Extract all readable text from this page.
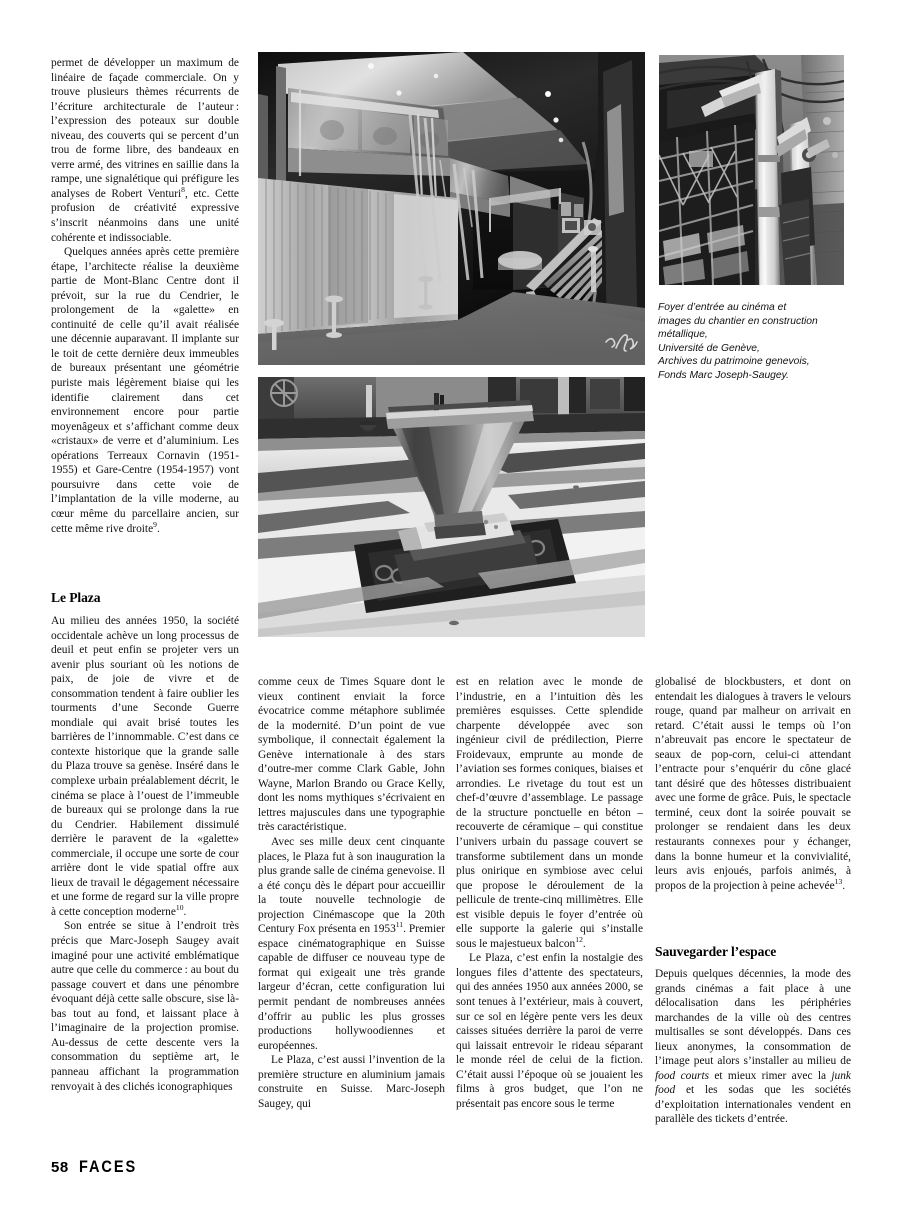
permet de développer un maximum de linéaire de façade commerciale. On y trouve plusieurs thèmes récurrents de l’écriture architecturale de l’auteur : l’expression des poteaux sur double niveau, des couverts qui se percent d’un trou de forme libre, des bandeaux en verre armé, des vitrines en saillie dans la rampe, une signalétique qui préfigure les analyses de Robert Venturi$^8$, etc. Cette profusion de créativité expressive s’inscrit néanmoins dans une unité cohérente et indissociable.

Quelques années après cette première étape, l’architecte réalise la deuxième partie de Mont-Blanc Centre dont il prévoit, sur la rue du Cendrier, le prolongement de la «galette» en continuité de celle qu’il avait réalisée une décennie auparavant. Il implante sur le toit de cette dernière deux immeubles de bureaux présentant une géométrie puriste mais légèrement biaise qui les identifie clairement dans cet environnement encore pour partie moyenâgeux et s’affichant comme deux «cristaux» de verre et d’aluminium. Les opérations Terreaux Cornavin (1951-1955) et Gare-Centre (1954-1957) vont poursuivre dans cette voie de l’implantation de la ville moderne, au cœur même du parcellaire ancien, sur cette même rive droite$^9$.

Le Plaza

Au milieu des années 1950, la société occidentale achève un long processus de deuil et peut enfin se projeter vers un avenir plus souriant où les notions de paix, de joie de vivre et de consommation tendent à faire oublier les tourments d’une Seconde Guerre mondiale qui avait brisé toutes les barrières de l’innommable. C’est dans ce contexte historique que la grande salle du Plaza trouve sa genèse. Inséré dans le complexe urbain préalablement décrit, le cinéma se place à l’ouest de l’immeuble de bureaux qui se prolonge dans la rue du Cendrier. Habilement dissimulé derrière le paravent de la «galette» commerciale, il occupe une sorte de cour arrière dont le vide spatial offre aux lieux de travail le dégagement nécessaire et une forme de regard sur la ville propre à cette conception moderne$^{10}$.

Son entrée se situe à l’endroit très précis que Marc-Joseph Saugey avait imaginé pour une activité emblématique autre que celle du commerce : au bout du passage couvert et dans une pénombre évoquant déjà cette salle obscure, sise là-bas tout au fond, et laissant place à l’imaginaire de la projection promise. Au-dessus de cette descente vers la consommation du septième art, le panneau affichant la programmation renvoyait à des clichés iconographiques

comme ceux de Times Square dont le vieux continent enviait la force évocatrice comme métaphore sublimée de la modernité. D’un point de vue symbolique, il connectait également la Genève internationale à des stars d’outre-mer comme Clark Gable, John Wayne, Marlon Brando ou Grace Kelly, dont les noms mythiques s’écrivaient en lettres majuscules dans une typographie très caractéristique.

Avec ses mille deux cent cinquante places, le Plaza fut à son inauguration la plus grande salle de cinéma genevoise. Il a été conçu dès le départ pour accueillir la toute nouvelle technologie de projection Cinémascope que la 20th Century Fox présenta en 1953$^{11}$. Premier espace cinématographique en Suisse capable de diffuser ce nouveau type de format qui exigeait une très grande largeur d’écran, cette configuration lui permit pendant de nombreuses années d’offrir au public les plus grosses productions hollywoodiennes et européennes.

Le Plaza, c’est aussi l’invention de la première structure en aluminium jamais construite en Suisse. Marc-Joseph Saugey, qui

est en relation avec le monde de l’industrie, en a l’intuition dès les premières esquisses. Cette splendide charpente développée avec son ingénieur civil de prédilection, Pierre Froidevaux, emprunte au monde de l’aviation ses formes coniques, biaises et arrondies. Le rivetage du tout est un chef-d’œuvre d’assemblage. Le passage de la structure ponctuelle en béton – recouverte de céramique – qui constitue l’univers urbain du passage couvert se transforme subtilement dans un monde plus onirique en symbiose avec celui que propose le déroulement de la pellicule de trente-cinq millimètres. Elle est visible depuis le foyer d’entrée où elle supporte la galerie qui s’installe sous le majestueux balcon$^{12}$.

Le Plaza, c’est enfin la nostalgie des longues files d’attente des spectateurs, qui des années 1950 aux années 2000, se sont tenues à l’extérieur, mais à couvert, sur ce sol en légère pente vers les deux caisses situées derrière la paroi de verre qui laissait entrevoir le rideau séparant le monde réel de celui de la fiction. C’était aussi l’époque où se jouaient les films à gros budget, que l’on ne présentait pas encore sous le terme

globalisé de blockbusters, et dont on entendait les dialogues à travers le velours rouge, quand par malheur on arrivait en retard. C’était aussi le temps où l’on n’abreuvait pas encore le spectateur de seaux de pop-corn, celui-ci attendant l’entracte pour s’enquérir du cône glacé tant désiré que des hôtesses distribuaient avec une forme de grâce. Puis, le spectacle terminé, ceux dont la soirée pouvait se prolonger se rendaient dans les deux restaurants connexes pour y échanger, dans la bonne humeur et la convivialité, leurs avis enjoués, parfois animés, à propos de la projection à peine achevée$^{13}$.

Sauvegarder l’espace

Depuis quelques décennies, la mode des grands cinémas a fait place à une délocalisation dans les périphéries marchandes de la ville où des centres multisalles se sont développés. Dans ces lieux anonymes, la consommation de l’image peut alors s’installer au milieu de food courts et mieux rimer avec la junk food et les sodas que les sociétés d’exploitation internationales vendent en parallèle des tickets d’entrée.

Foyer d’entrée au cinéma et
images du chantier en construction
métallique,
Université de Genève,
Archives du patrimoine genevois,
Fonds Marc Joseph-Saugey.
58 FACES
